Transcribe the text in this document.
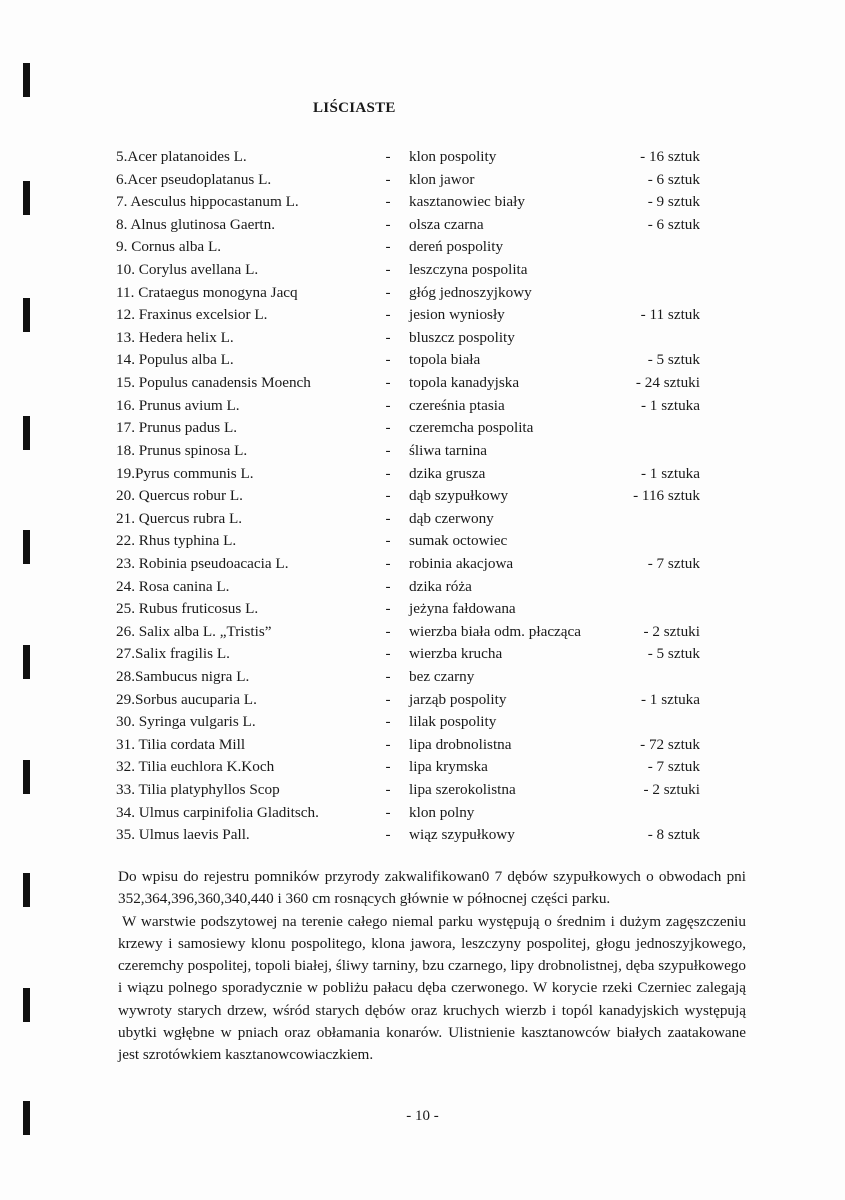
LIŚCIASTE
5.Acer platanoides L.	-	klon pospolity	- 16 sztuk
6.Acer pseudoplatanus L.	-	klon jawor	- 6 sztuk
7. Aesculus hippocastanum L.	-	kasztanowiec biały	- 9 sztuk
8. Alnus glutinosa Gaertn.	-	olsza czarna	- 6 sztuk
9. Cornus alba L.	-	dereń pospolity
10. Corylus avellana L.	-	leszczyna pospolita
11. Crataegus monogyna Jacq	-	głóg jednoszyjkowy
12. Fraxinus excelsior L.	-	jesion wyniosły	- 11 sztuk
13. Hedera helix L.	-	bluszcz pospolity
14. Populus alba L.	-	topola biała	- 5 sztuk
15. Populus canadensis Moench	-	topola kanadyjska	- 24 sztuki
16. Prunus avium L.	-	czereśnia ptasia	- 1 sztuka
17. Prunus padus L.	-	czeremcha pospolita
18. Prunus spinosa L.	-	śliwa tarnina
19.Pyrus communis L.	-	dzika grusza	- 1 sztuka
20. Quercus robur L.	-	dąb szypułkowy	- 116 sztuk
21. Quercus rubra L.	-	dąb czerwony
22. Rhus typhina L.	-	sumak octowiec
23. Robinia pseudoacacia L.	-	robinia akacjowa	- 7 sztuk
24. Rosa canina L.	-	dzika róża
25. Rubus fruticosus L.	-	jeżyna fałdowana
26. Salix alba L. „Tristis”	-	wierzba biała odm. płacząca	- 2 sztuki
27.Salix fragilis L.	-	wierzba krucha	- 5 sztuk
28.Sambucus nigra L.	-	bez czarny
29.Sorbus aucuparia L.	-	jarząb pospolity	- 1 sztuka
30. Syringa vulgaris L.	-	lilak pospolity
31. Tilia cordata Mill	-	lipa drobnolistna	- 72 sztuk
32. Tilia euchlora K.Koch	-	lipa krymska	- 7 sztuk
33. Tilia platyphyllos Scop	-	lipa szerokolistna	- 2 sztuki
34. Ulmus carpinifolia Gladitsch.	-	klon polny
35. Ulmus laevis Pall.	-	wiąz szypułkowy	- 8 sztuk

Do wpisu do rejestru pomników przyrody zakwalifikowan0 7 dębów szypułkowych o obwodach pni 352,364,396,360,340,440 i 360 cm rosnących głównie w północnej części parku.

W warstwie podszytowej na terenie całego niemal parku występują o średnim i dużym zagęszczeniu krzewy i samosiewy klonu pospolitego, klona jawora, leszczyny pospolitej, głogu jednoszyjkowego, czeremchy pospolitej, topoli białej, śliwy tarniny, bzu czarnego, lipy drobnolistnej, dęba szypułkowego i wiązu polnego sporadycznie w pobliżu pałacu dęba czerwonego. W korycie rzeki Czerniec zalegają wywroty starych drzew, wśród starych dębów oraz kruchych wierzb i topól kanadyjskich występują ubytki wgłębne w pniach oraz obłamania konarów. Ulistnienie kasztanowców białych zaatakowane jest szrotówkiem kasztanowcowiaczkiem.

- 10 -
